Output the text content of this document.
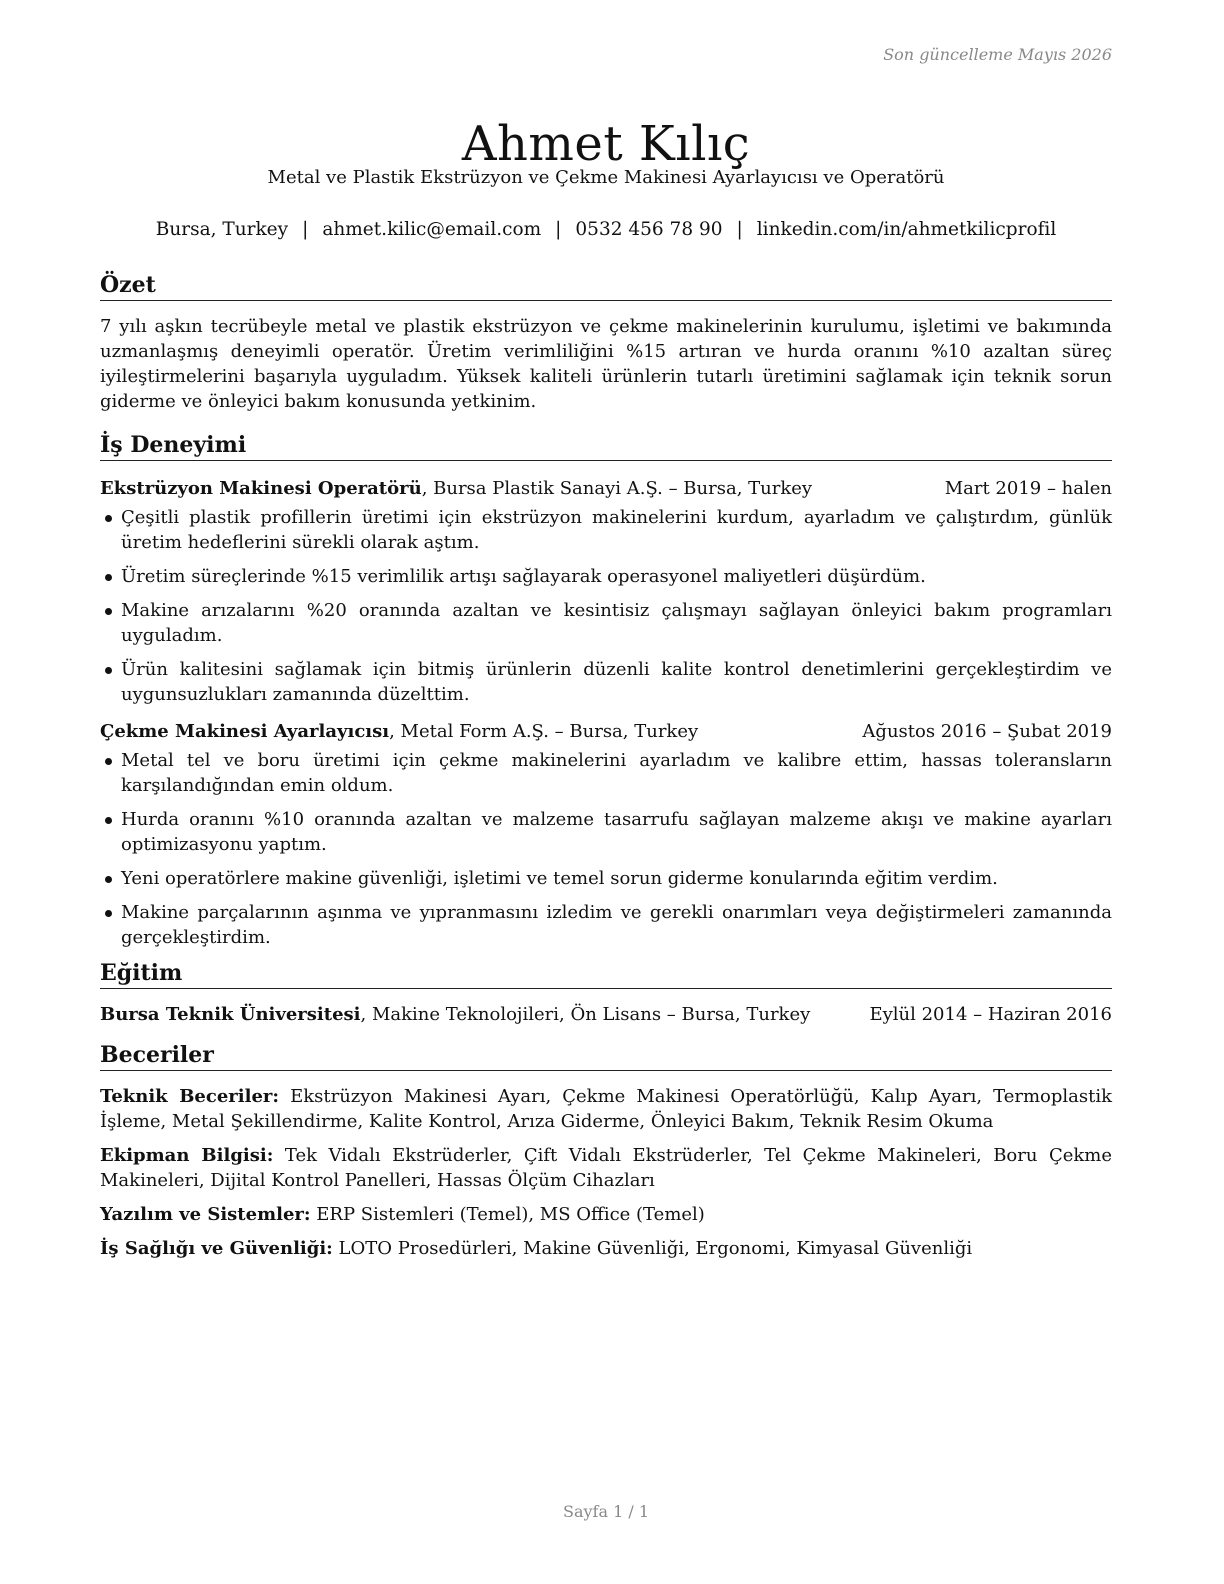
Son güncelleme Mayıs 2026
Ahmet Kılıç
Metal ve Plastik Ekstrüzyon ve Çekme Makinesi Ayarlayıcısı ve Operatörü
Bursa, Turkey | ahmet.kilic@email.com | 0532 456 78 90 | linkedin.com/in/ahmetkilicprofil
Özet

7 yılı aşkın tecrübeyle metal ve plastik ekstrüzyon ve çekme makinelerinin kurulumu, işletimi ve bakımında uzmanlaşmış deneyimli operatör. Üretim verimliliğini %15 artıran ve hurda oranını %10 azaltan süreç iyileştirmelerini başarıyla uyguladım. Yüksek kaliteli ürünlerin tutarlı üretimini sağlamak için teknik sorun giderme ve önleyici bakım konusunda yetkinim.

İş Deneyimi
Ekstrüzyon Makinesi Operatörü, Bursa Plastik Sanayi A.Ş. – Bursa, Turkey	Mart 2019 – halen
Çeşitli plastik profillerin üretimi için ekstrüzyon makinelerini kurdum, ayarladım ve çalıştırdım, günlük üretim hedeflerini sürekli olarak aştım.
Üretim süreçlerinde %15 verimlilik artışı sağlayarak operasyonel maliyetleri düşürdüm.
Makine arızalarını %20 oranında azaltan ve kesintisiz çalışmayı sağlayan önleyici bakım programları uyguladım.
Ürün kalitesini sağlamak için bitmiş ürünlerin düzenli kalite kontrol denetimlerini gerçekleştirdim ve uygunsuzlukları zamanında düzelttim.
Çekme Makinesi Ayarlayıcısı, Metal Form A.Ş. – Bursa, Turkey	Ağustos 2016 – Şubat 2019
Metal tel ve boru üretimi için çekme makinelerini ayarladım ve kalibre ettim, hassas toleransların karşılandığından emin oldum.
Hurda oranını %10 oranında azaltan ve malzeme tasarrufu sağlayan malzeme akışı ve makine ayarları optimizasyonu yaptım.
Yeni operatörlere makine güvenliği, işletimi ve temel sorun giderme konularında eğitim verdim.
Makine parçalarının aşınma ve yıpranmasını izledim ve gerekli onarımları veya değiştirmeleri zamanında gerçekleştirdim.
Eğitim
Bursa Teknik Üniversitesi, Makine Teknolojileri, Ön Lisans – Bursa, Turkey	Eylül 2014 – Haziran 2016
Beceriler

Teknik Beceriler: Ekstrüzyon Makinesi Ayarı, Çekme Makinesi Operatörlüğü, Kalıp Ayarı, Termoplastik İşleme, Metal Şekillendirme, Kalite Kontrol, Arıza Giderme, Önleyici Bakım, Teknik Resim Okuma

Ekipman Bilgisi: Tek Vidalı Ekstrüderler, Çift Vidalı Ekstrüderler, Tel Çekme Makineleri, Boru Çekme Makineleri, Dijital Kontrol Panelleri, Hassas Ölçüm Cihazları

Yazılım ve Sistemler: ERP Sistemleri (Temel), MS Office (Temel)

İş Sağlığı ve Güvenliği: LOTO Prosedürleri, Makine Güvenliği, Ergonomi, Kimyasal Güvenliği

Sayfa 1 / 1
